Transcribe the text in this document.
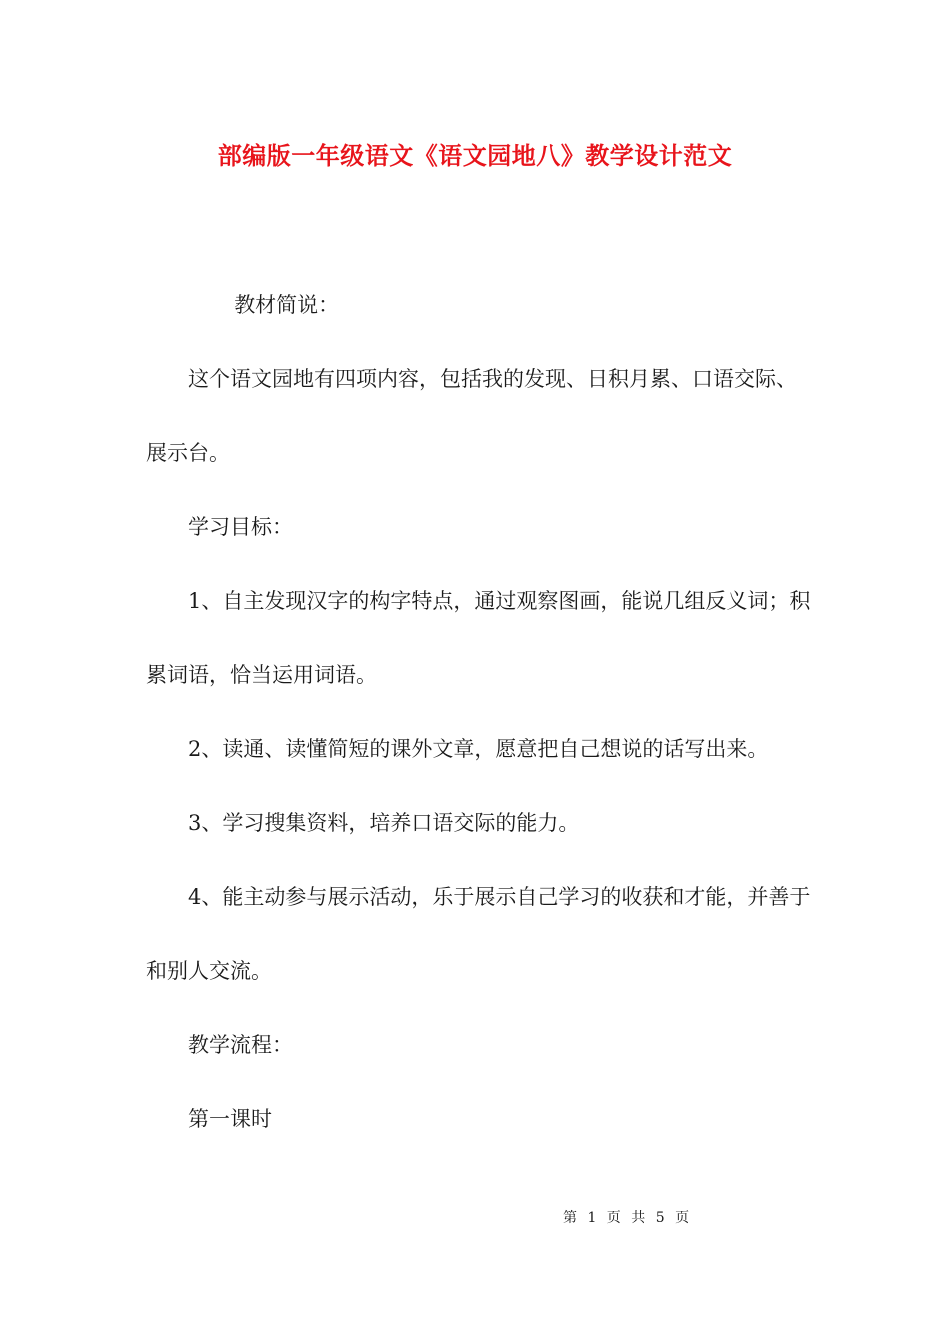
部编版一年级语文《语文园地八》教学设计范文

教材简说：

这个语文园地有四项内容，包括我的发现、日积月累、口语交际、展示台。

学习目标：

1、自主发现汉字的构字特点，通过观察图画，能说几组反义词；积累词语，恰当运用词语。

2、读通、读懂简短的课外文章，愿意把自己想说的话写出来。

3、学习搜集资料，培养口语交际的能力。

4、能主动参与展示活动，乐于展示自己学习的收获和才能，并善于和别人交流。

教学流程：

第一课时

第 1 页 共 5 页
